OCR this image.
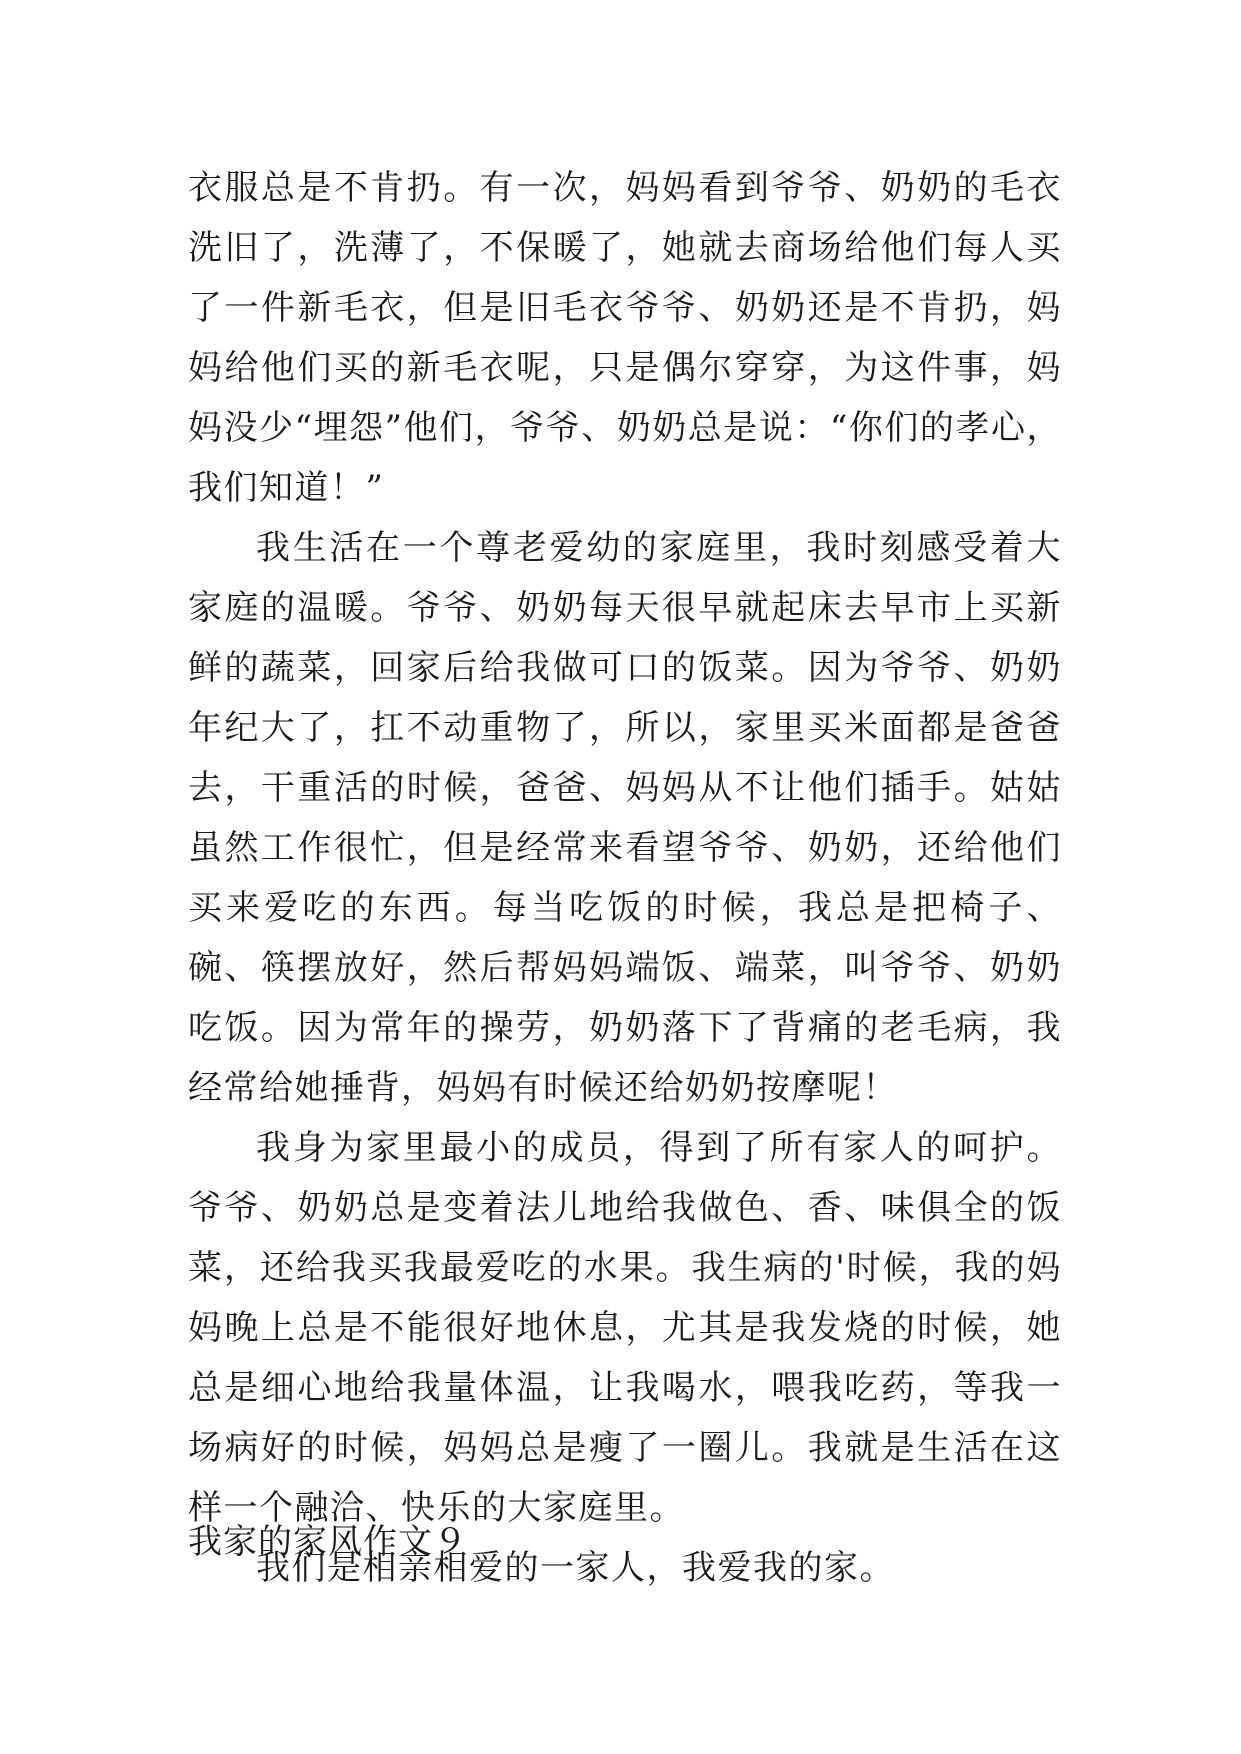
衣服总是不肯扔。有一次，妈妈看到爷爷、奶奶的毛衣洗旧了，洗薄了，不保暖了，她就去商场给他们每人买了一件新毛衣，但是旧毛衣爷爷、奶奶还是不肯扔，妈妈给他们买的新毛衣呢，只是偶尔穿穿，为这件事，妈妈没少“埋怨”他们，爷爷、奶奶总是说：“你们的孝心，我们知道！”

我生活在一个尊老爱幼的家庭里，我时刻感受着大家庭的温暖。爷爷、奶奶每天很早就起床去早市上买新鲜的蔬菜，回家后给我做可口的饭菜。因为爷爷、奶奶年纪大了，扛不动重物了，所以，家里买米面都是爸爸去，干重活的时候，爸爸、妈妈从不让他们插手。姑姑虽然工作很忙，但是经常来看望爷爷、奶奶，还给他们买来爱吃的东西。每当吃饭的时候，我总是把椅子、碗、筷摆放好，然后帮妈妈端饭、端菜，叫爷爷、奶奶吃饭。因为常年的操劳，奶奶落下了背痛的老毛病，我经常给她捶背，妈妈有时候还给奶奶按摩呢！

我身为家里最小的成员，得到了所有家人的呵护。爷爷、奶奶总是变着法儿地给我做色、香、味俱全的饭菜，还给我买我最爱吃的水果。我生病的'时候，我的妈妈晚上总是不能很好地休息，尤其是我发烧的时候，她总是细心地给我量体温，让我喝水，喂我吃药，等我一场病好的时候，妈妈总是瘦了一圈儿。我就是生活在这样一个融洽、快乐的大家庭里。

我们是相亲相爱的一家人，我爱我的家。

我家的家风作文９
